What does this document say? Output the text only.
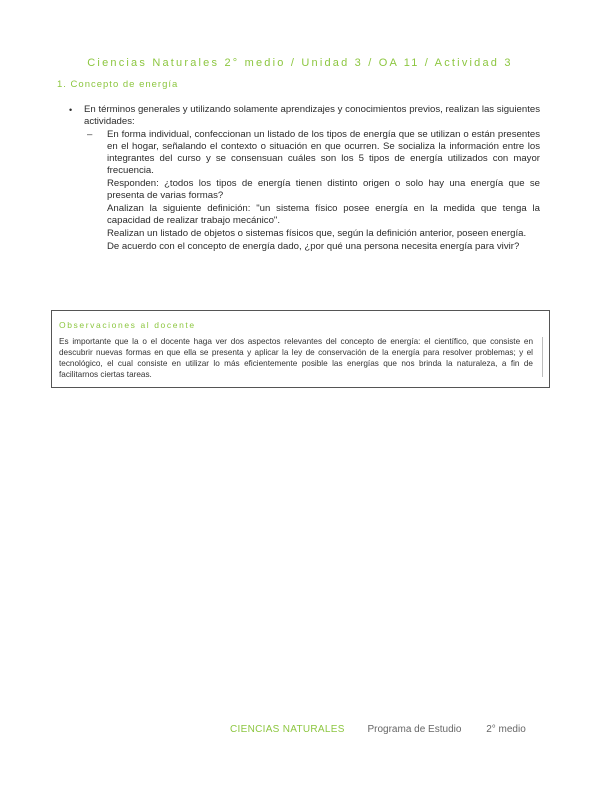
Ciencias Naturales 2° medio / Unidad 3 / OA 11 / Actividad 3
1. Concepto de energía
• En términos generales y utilizando solamente aprendizajes y conocimientos previos, realizan las siguientes actividades:
– En forma individual, confeccionan un listado de los tipos de energía que se utilizan o están presentes en el hogar, señalando el contexto o situación en que ocurren. Se socializa la información entre los integrantes del curso y se consensuan cuáles son los 5 tipos de energía utilizados con mayor frecuencia.
Responden: ¿todos los tipos de energía tienen distinto origen o solo hay una energía que se presenta de varias formas?
Analizan la siguiente definición: "un sistema físico posee energía en la medida que tenga la capacidad de realizar trabajo mecánico".
Realizan un listado de objetos o sistemas físicos que, según la definición anterior, poseen energía.
De acuerdo con el concepto de energía dado, ¿por qué una persona necesita energía para vivir?
Observaciones al docente
Es importante que la o el docente haga ver dos aspectos relevantes del concepto de energía: el científico, que consiste en descubrir nuevas formas en que ella se presenta y aplicar la ley de conservación de la energía para resolver problemas; y el tecnológico, el cual consiste en utilizar lo más eficientemente posible las energías que nos brinda la naturaleza, a fin de facilitarnos ciertas tareas.
CIENCIAS NATURALES Programa de Estudio 2° medio
